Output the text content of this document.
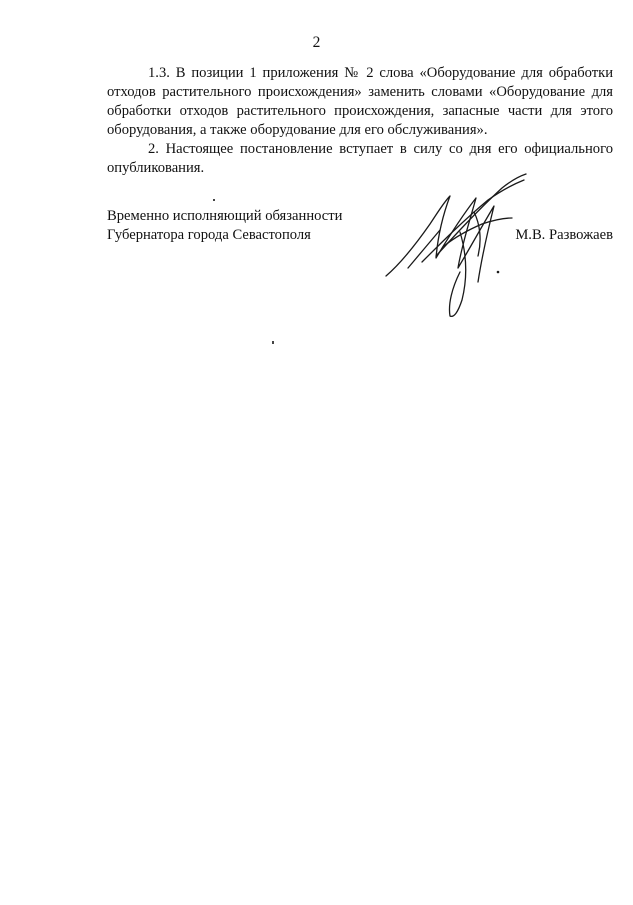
2

1.3. В позиции 1 приложения № 2 слова «Оборудование для обработки отходов растительного происхождения» заменить словами «Оборудование для обработки отходов растительного происхождения, запасные части для этого оборудования, а также оборудование для его обслуживания».

2. Настоящее постановление вступает в силу со дня его официального опубликования.

Временно исполняющий обязанности
Губернатора города Севастополя	М.В. Развожаев
